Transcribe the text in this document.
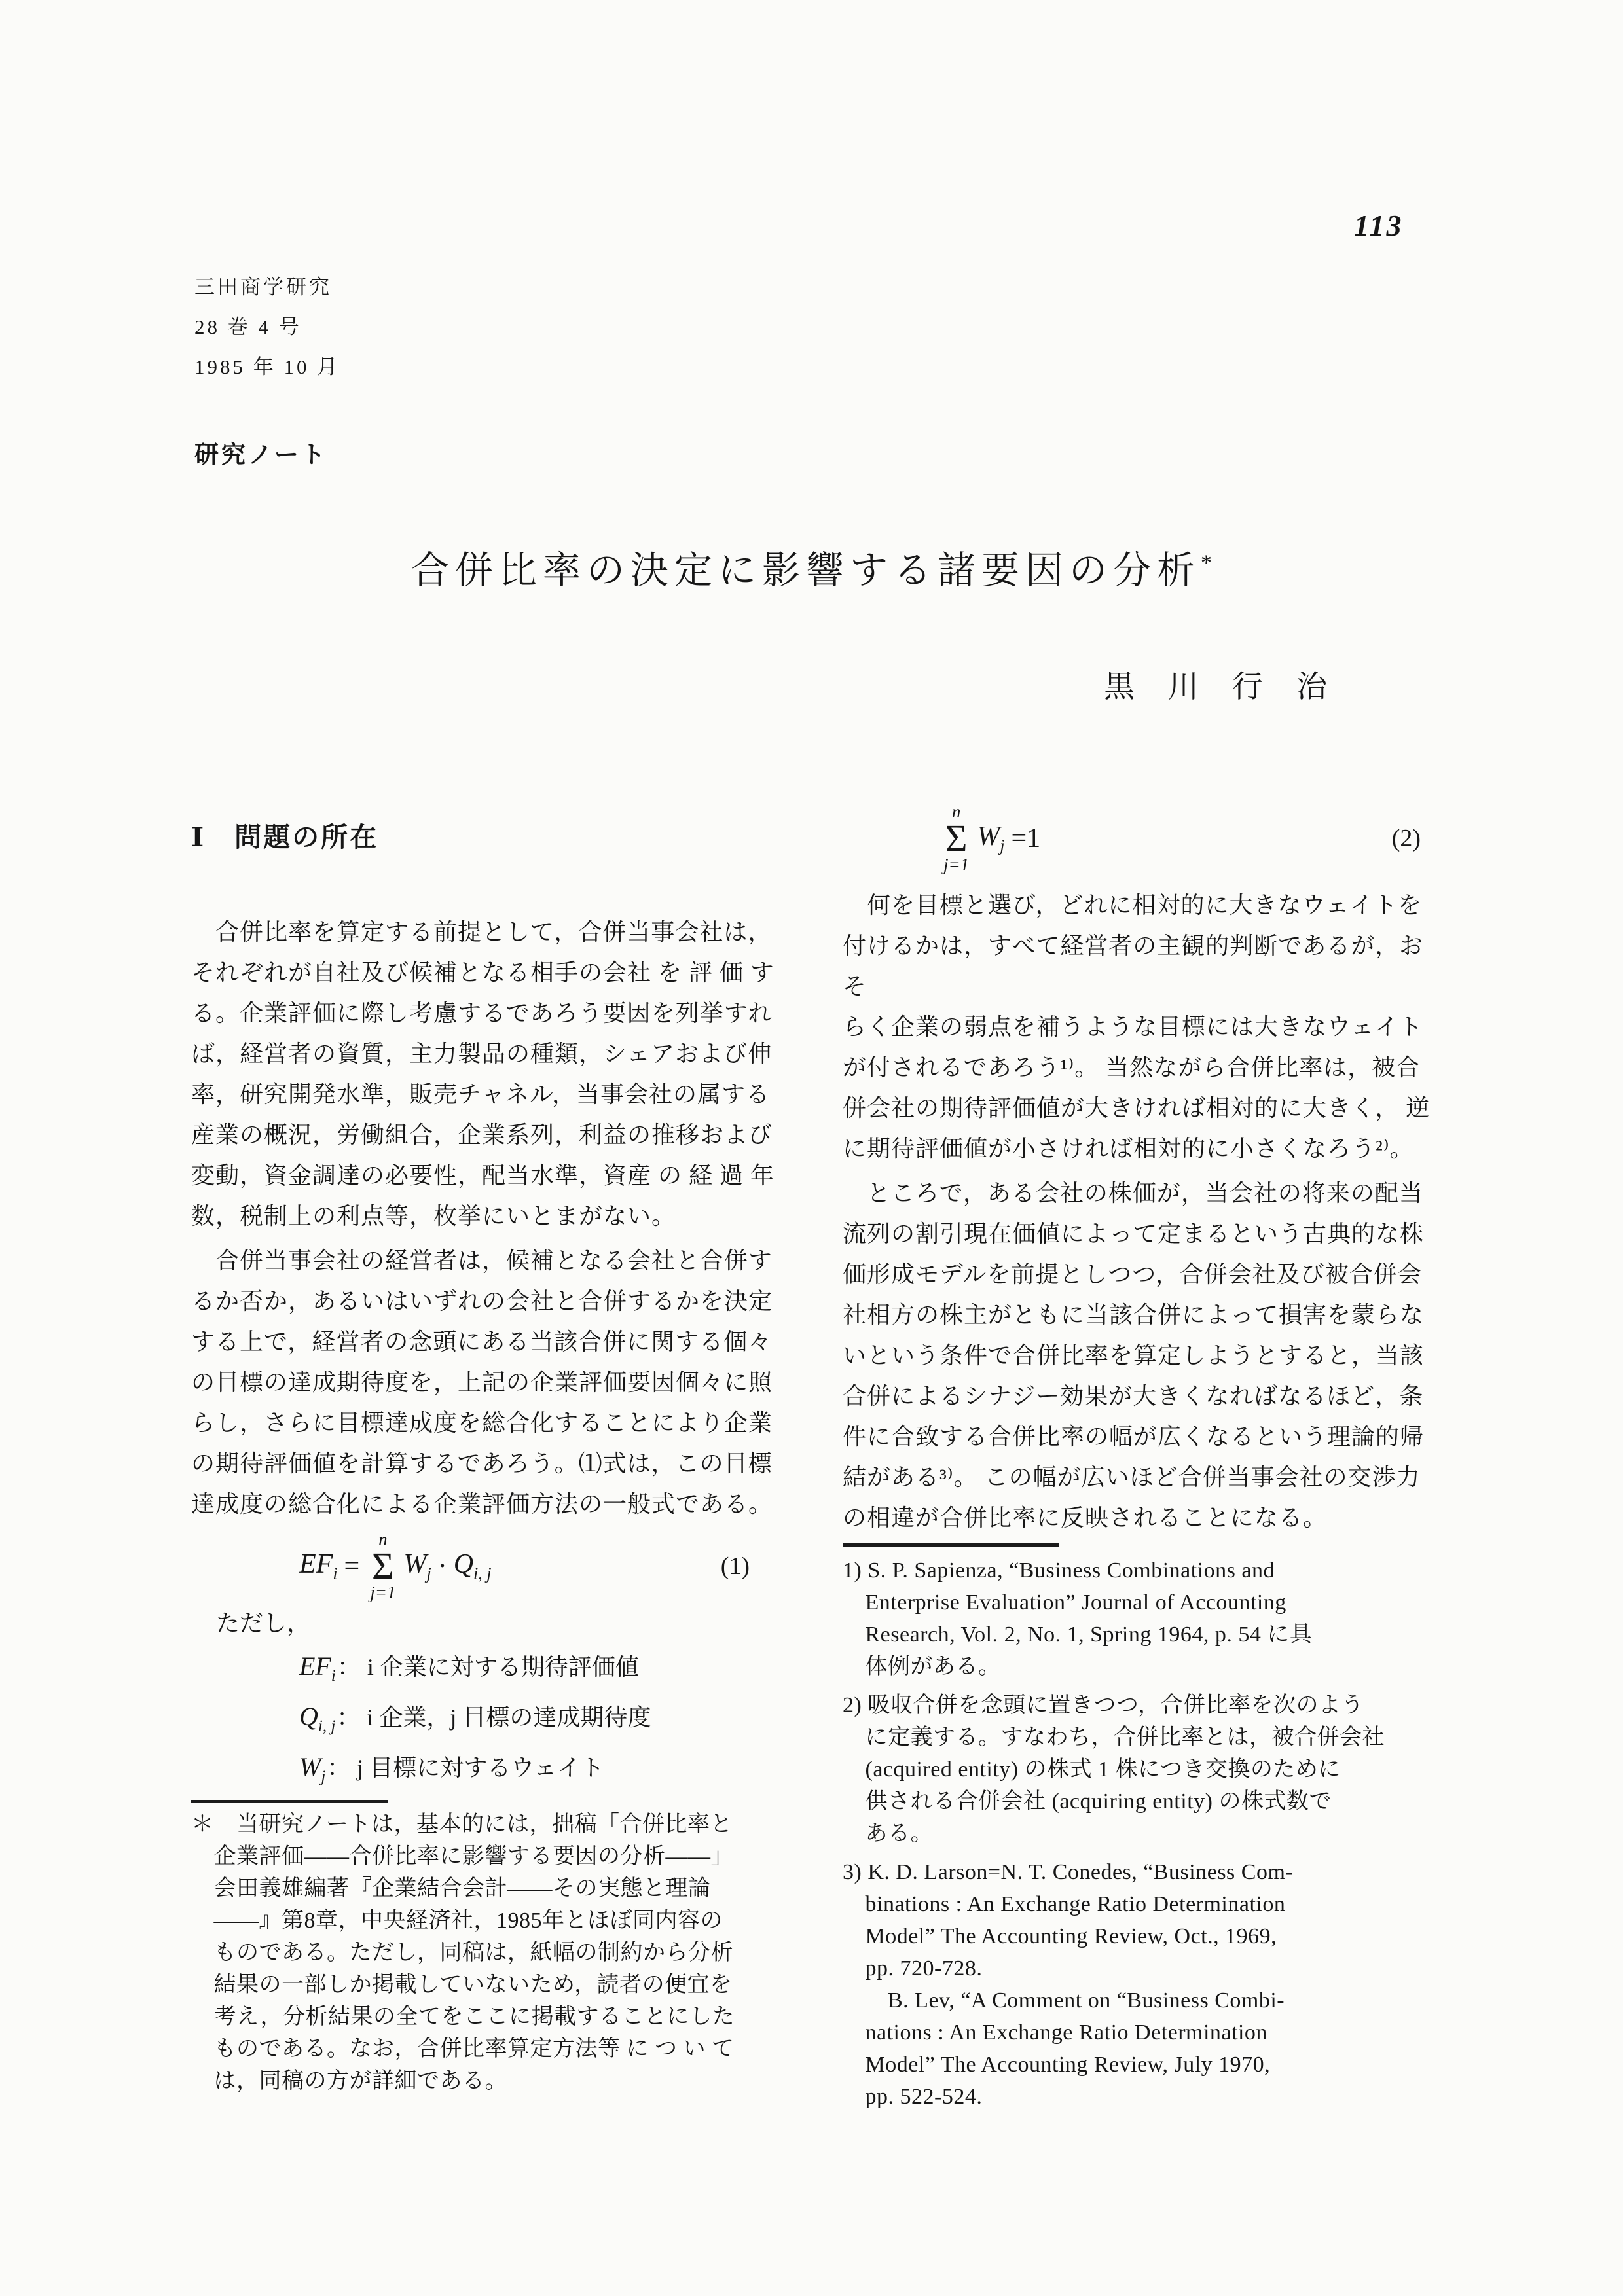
113
三田商学研究
28 巻 4 号
1985 年 10 月
研究ノート
合併比率の決定に影響する諸要因の分析*
黒　川　行　治
Ⅰ　問題の所在
　合併比率を算定する前提として，合併当事会社は，
それぞれが自社及び候補となる相手の会社 を 評 価 す
る。企業評価に際し考慮するであろう要因を列挙すれ
ば，経営者の資質，主力製品の種類，シェアおよび伸
率，研究開発水準，販売チャネル，当事会社の属する
産業の概況，労働組合，企業系列，利益の推移および
変動，資金調達の必要性，配当水準，資産 の 経 過 年
数，税制上の利点等，枚挙にいとまがない。
　合併当事会社の経営者は，候補となる会社と合併す
るか否か，あるいはいずれの会社と合併するかを決定
する上で，経営者の念頭にある当該合併に関する個々
の目標の達成期待度を，上記の企業評価要因個々に照
らし，さらに目標達成度を総合化することにより企業
の期待評価値を計算するであろう。⑴式は，この目標
達成度の総合化による企業評価方法の一般式である。
$EF_i$ =
n
Σ
j=1
$W_j \cdot Q_{i, j}$	(1)
ただし，
$EF_i$ ： i 企業に対する期待評価値
$Q_{i, j}$ ： i 企業，j 目標の達成期待度
$W_j$ ： j 目標に対するウェイト
＊　当研究ノートは，基本的には，拙稿「合併比率と
　企業評価——合併比率に影響する要因の分析——」
　会田義雄編著『企業結合会計——その実態と理論
　——』第8章，中央経済社，1985年とほぼ同内容の
　ものである。ただし，同稿は，紙幅の制約から分析
　結果の一部しか掲載していないため，読者の便宜を
　考え，分析結果の全てをここに掲載することにした
　ものである。なお，合併比率算定方法等 に つ い て
　は，同稿の方が詳細である。
n
Σ
j=1
$W_j =1$	(2)
　何を目標と選び，どれに相対的に大きなウェイトを
付けるかは，すべて経営者の主観的判断であるが，おそ
らく企業の弱点を補うような目標には大きなウェイト
が付されるであろう¹⁾。 当然ながら合併比率は，被合
併会社の期待評価値が大きければ相対的に大きく， 逆
に期待評価値が小さければ相対的に小さくなろう²⁾。
　ところで，ある会社の株価が，当会社の将来の配当
流列の割引現在価値によって定まるという古典的な株
価形成モデルを前提としつつ，合併会社及び被合併会
社相方の株主がともに当該合併によって損害を蒙らな
いという条件で合併比率を算定しようとすると，当該
合併によるシナジー効果が大きくなればなるほど，条
件に合致する合併比率の幅が広くなるという理論的帰
結がある³⁾。 この幅が広いほど合併当事会社の交渉力
の相違が合併比率に反映されることになる。
1) S. P. Sapienza, “Business Combinations and
　Enterprise Evaluation” Journal of Accounting
　Research, Vol. 2, No. 1, Spring 1964, p. 54 に具
　体例がある。
2) 吸収合併を念頭に置きつつ，合併比率を次のよう
　に定義する。すなわち，合併比率とは，被合併会社
　(acquired entity) の株式 1 株につき交換のために
　供される合併会社 (acquiring entity) の株式数で
　ある。
3) K. D. Larson=N. T. Conedes, “Business Com-
　binations : An Exchange Ratio Determination
　Model” The Accounting Review, Oct., 1969,
　pp. 720-728.
　　B. Lev, “A Comment on “Business Combi-
　nations : An Exchange Ratio Determination
　Model” The Accounting Review, July 1970,
　pp. 522-524.
